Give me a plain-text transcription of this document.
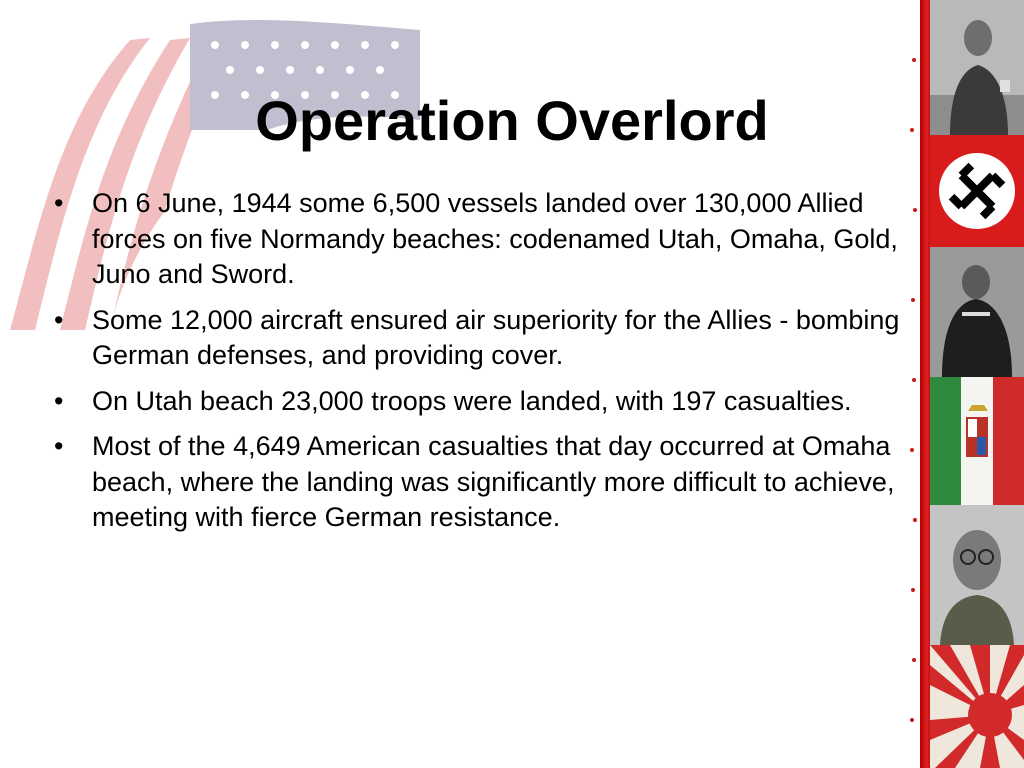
Operation Overlord
• On 6 June, 1944 some 6,500 vessels landed over 130,000 Allied forces on five Normandy beaches: codenamed Utah, Omaha, Gold, Juno and Sword.
• Some 12,000 aircraft ensured air superiority for the Allies - bombing German defenses, and providing cover.
• On Utah beach 23,000 troops were landed, with 197 casualties.
• Most of the 4,649 American casualties that day occurred at Omaha beach, where the landing was significantly more difficult to achieve, meeting with fierce German resistance.
